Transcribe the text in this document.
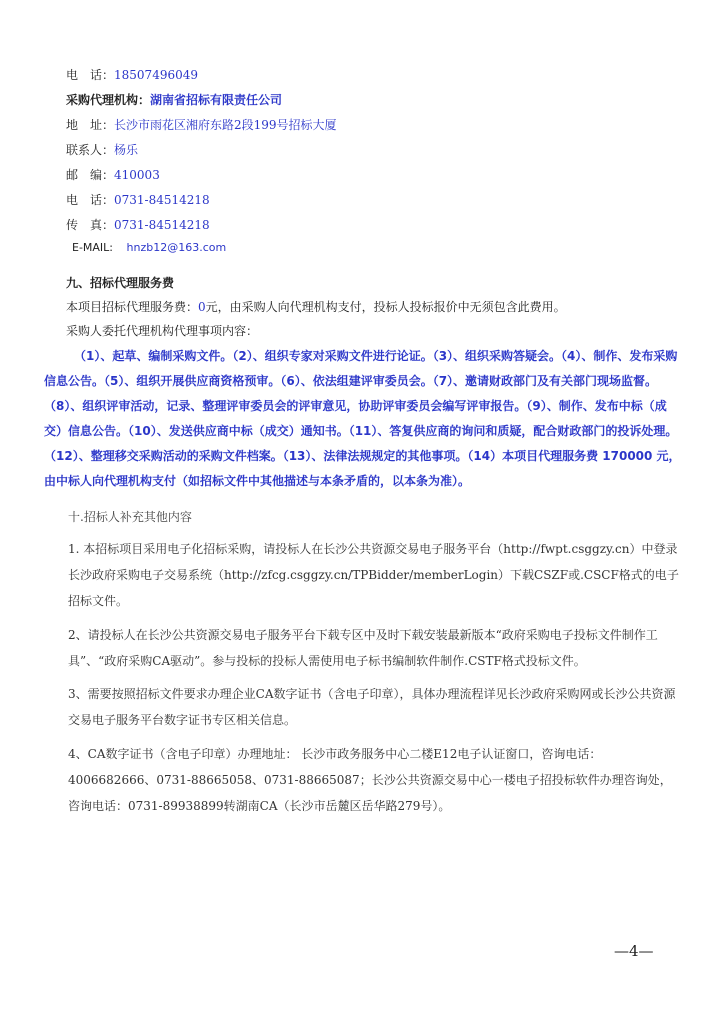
电　话：18507496049
采购代理机构：湖南省招标有限责任公司
地　址：长沙市雨花区湘府东路2段199号招标大厦
联系人：杨乐
邮　编：410003
电　话：0731-84514218
传　真：0731-84514218
E-MAIL: hnzb12@163.com
九、招标代理服务费
本项目招标代理服务费：0元，由采购人向代理机构支付，投标人投标报价中无须包含此费用。
采购人委托代理机构代理事项内容：
（1）、起草、编制采购文件。（2）、组织专家对采购文件进行论证。（3）、组织采购答疑会。（4）、制作、发布采购信息公告。（5）、组织开展供应商资格预审。（6）、依法组建评审委员会。（7）、邀请财政部门及有关部门现场监督。（8）、组织评审活动，记录、整理评审委员会的评审意见，协助评审委员会编写评审报告。（9）、制作、发布中标（成交）信息公告。（10）、发送供应商中标（成交）通知书。（11）、答复供应商的询问和质疑，配合财政部门的投诉处理。（12）、整理移交采购活动的采购文件档案。（13）、法律法规规定的其他事项。（14）本项目代理服务费 170000 元，由中标人向代理机构支付（如招标文件中其他描述与本条矛盾的，以本条为准）。
十.招标人补充其他内容
1. 本招标项目采用电子化招标采购，请投标人在长沙公共资源交易电子服务平台（http://fwpt.csggzy.cn）中登录长沙政府采购电子交易系统（http://zfcg.csggzy.cn/TPBidder/memberLogin）下载CSZF或.CSCF格式的电子招标文件。
2、请投标人在长沙公共资源交易电子服务平台下载专区中及时下载安装最新版本“政府采购电子投标文件制作工具”、“政府采购CA驱动”。参与投标的投标人需使用电子标书编制软件制作.CSTF格式投标文件。
3、需要按照招标文件要求办理企业CA数字证书（含电子印章），具体办理流程详见长沙政府采购网或长沙公共资源交易电子服务平台数字证书专区相关信息。
4、CA数字证书（含电子印章）办理地址： 长沙市政务服务中心二楼E12电子认证窗口，咨询电话：4006682666、0731-88665058、0731-88665087；长沙公共资源交易中心一楼电子招投标软件办理咨询处，咨询电话：0731-89938899转湖南CA（长沙市岳麓区岳华路279号）。
—4—
